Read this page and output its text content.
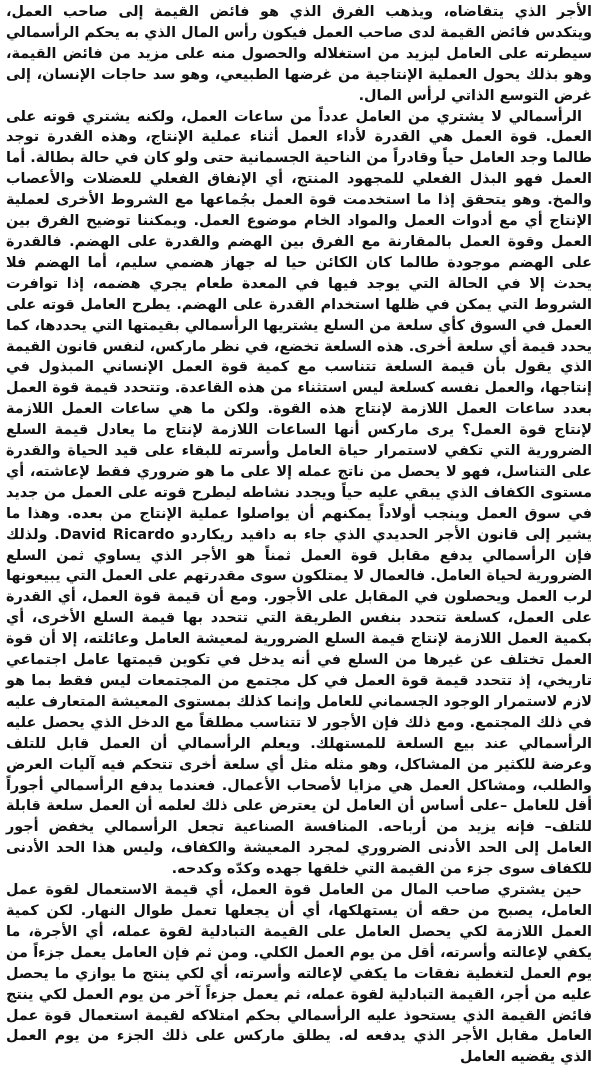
الأجر الذي يتقاضاه، ويذهب الفرق الذي هو فائض القيمة إلى صاحب العمل، ويتكدس فائض القيمة لدى صاحب العمل فيكون رأس المال الذي به يحكم الرأسمالي سيطرته على العامل ليزيد من استغلاله والحصول منه على مزيد من فائض القيمة، وهو بذلك يحول العملية الإنتاجية من غرضها الطبيعي، وهو سد حاجات الإنسان، إلى غرض التوسع الذاتي لرأس المال.

الرأسمالي لا يشتري من العامل عدداً من ساعات العمل، ولكنه يشتري قوته على العمل. قوة العمل هي القدرة لأداء العمل أثناء عملية الإنتاج، وهذه القدرة توجد طالما وجد العامل حياً وقادراً من الناحية الجسمانية حتى ولو كان في حالة بطالة. أما العمل فهو البذل الفعلي للمجهود المنتج، أي الإنفاق الفعلي للعضلات والأعصاب والمخ. وهو يتحقق إذا ما استخدمت قوة العمل بجُماعها مع الشروط الأخرى لعملية الإنتاج أي مع أدوات العمل والمواد الخام موضوع العمل. ويمكننا توضيح الفرق بين العمل وقوة العمل بالمقارنة مع الفرق بين الهضم والقدرة على الهضم. فالقدرة على الهضم موجودة طالما كان الكائن حيا له جهاز هضمي سليم، أما الهضم فلا يحدث إلا في الحالة التي يوجد فيها في المعدة طعام يجري هضمه، إذا توافرت الشروط التي يمكن في ظلها استخدام القدرة على الهضم. يطرح العامل قوته على العمل في السوق كأي سلعة من السلع يشتريها الرأسمالي بقيمتها التي يحددها، كما يحدد قيمة أي سلعة أخرى. هذه السلعة تخضع، في نظر ماركس، لنفس قانون القيمة الذي يقول بأن قيمة السلعة تتناسب مع كمية قوة العمل الإنساني المبذول في إنتاجها، والعمل نفسه كسلعة ليس استثناء من هذه القاعدة. وتتحدد قيمة قوة العمل بعدد ساعات العمل اللازمة لإنتاج هذه القوة. ولكن ما هي ساعات العمل اللازمة لإنتاج قوة العمل؟ يرى ماركس أنها الساعات اللازمة لإنتاج ما يعادل قيمة السلع الضرورية التي تكفي لاستمرار حياة العامل وأسرته للبقاء على قيد الحياة والقدرة على التناسل، فهو لا يحصل من ناتج عمله إلا على ما هو ضروري فقط لإعاشته، أي مستوى الكفاف الذي يبقي عليه حياً ويجدد نشاطه ليطرح قوته على العمل من جديد في سوق العمل وينجب أولاداً يمكنهم أن يواصلوا عملية الإنتاج من بعده. وهذا ما يشير إلى قانون الأجر الحديدي الذي جاء به دافيد ريكاردو David Ricardo. ولذلك فإن الرأسمالي يدفع مقابل قوة العمل ثمناً هو الأجر الذي يساوي ثمن السلع الضرورية لحياة العامل. فالعمال لا يمتلكون سوى مقدرتهم على العمل التي يبيعونها لرب العمل ويحصلون في المقابل على الأجور. ومع أن قيمة قوة العمل، أي القدرة على العمل، كسلعة تتحدد بنفس الطريقة التي تتحدد بها قيمة السلع الأخرى، أي بكمية العمل اللازمة لإنتاج قيمة السلع الضرورية لمعيشة العامل وعائلته، إلا أن قوة العمل تختلف عن غيرها من السلع في أنه يدخل في تكوين قيمتها عامل اجتماعي تاريخي، إذ تتحدد قيمة قوة العمل في كل مجتمع من المجتمعات ليس فقط بما هو لازم لاستمرار الوجود الجسماني للعامل وإنما كذلك بمستوى المعيشة المتعارف عليه في ذلك المجتمع. ومع ذلك فإن الأجور لا تتناسب مطلقاً مع الدخل الذي يحصل عليه الرأسمالي عند بيع السلعة للمستهلك. ويعلم الرأسمالي أن العمل قابل للتلف وعرضة للكثير من المشاكل، وهو مثله مثل أي سلعة أخرى تتحكم فيه آليات العرض والطلب، ومشاكل العمل هي مزايا لأصحاب الأعمال. فعندما يدفع الرأسمالي أجوراً أقل للعامل –على أساس أن العامل لن يعترض على ذلك لعلمه أن العمل سلعة قابلة للتلف– فإنه يزيد من أرباحه. المنافسة الصناعية تجعل الرأسمالي يخفض أجور العامل إلى الحد الأدنى الضروري لمجرد المعيشة والكفاف، وليس هذا الحد الأدنى للكفاف سوى جزء من القيمة التي خلقها جهده وكدّه وكدحه.

حين يشتري صاحب المال من العامل قوة العمل، أي قيمة الاستعمال لقوة عمل العامل، يصبح من حقه أن يستهلكها، أي أن يجعلها تعمل طوال النهار. لكن كمية العمل اللازمة لكي يحصل العامل على القيمة التبادلية لقوة عمله، أي الأجرة، ما يكفي لإعالته وأسرته، أقل من يوم العمل الكلي. ومن ثم فإن العامل يعمل جزءاً من يوم العمل لتغطية نفقات ما يكفي لإعالته وأسرته، أي لكي ينتج ما يوازي ما يحصل عليه من أجر، القيمة التبادلية لقوة عمله، ثم يعمل جزءاً آخر من يوم العمل لكي ينتج فائض القيمة الذي يستحوذ عليه الرأسمالي بحكم امتلاكه لقيمة استعمال قوة عمل العامل مقابل الأجر الذي يدفعه له. يطلق ماركس على ذلك الجزء من يوم العمل الذي يقضيه العامل
